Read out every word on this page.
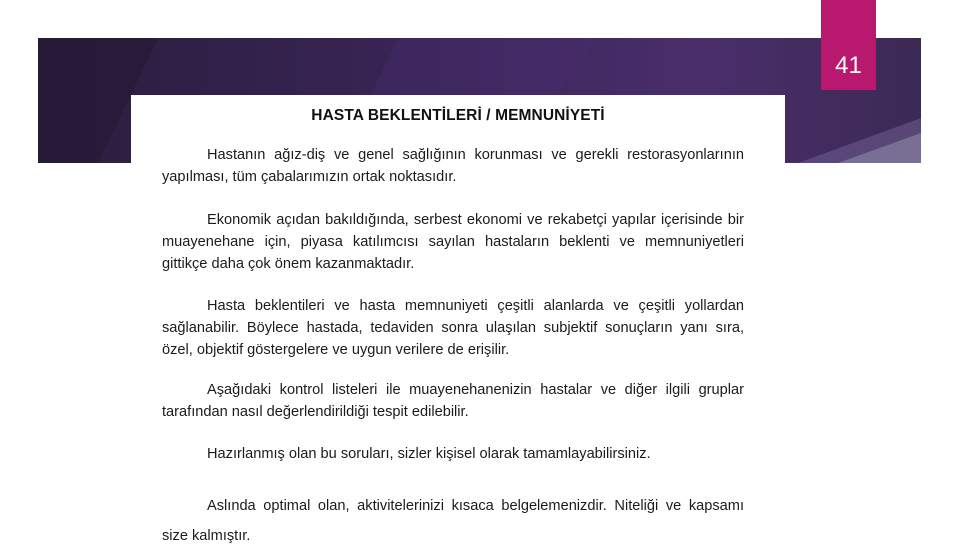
41
HASTA BEKLENTİLERİ / MEMNUNİYETİ

Hastanın ağız-diş ve genel sağlığının korunması ve gerekli restorasyonlarının yapılması, tüm çabalarımızın ortak noktasıdır.

Ekonomik açıdan bakıldığında, serbest ekonomi ve rekabetçi yapılar içerisinde bir muayenehane için, piyasa katılımcısı sayılan hastaların beklenti ve memnuniyetleri gittikçe daha çok önem kazanmaktadır.

Hasta beklentileri ve hasta memnuniyeti çeşitli alanlarda ve çeşitli yollardan sağlanabilir. Böylece hastada, tedaviden sonra ulaşılan subjektif sonuçların yanı sıra, özel, objektif göstergelere ve uygun verilere de erişilir.

Aşağıdaki kontrol listeleri ile muayenehanenizin hastalar ve diğer ilgili gruplar tarafından nasıl değerlendirildiği tespit edilebilir.

Hazırlanmış olan bu soruları, sizler kişisel olarak tamamlayabilirsiniz.

Aslında optimal olan, aktivitelerinizi kısaca belgelemenizdir. Niteliği ve kapsamı size kalmıştır.
